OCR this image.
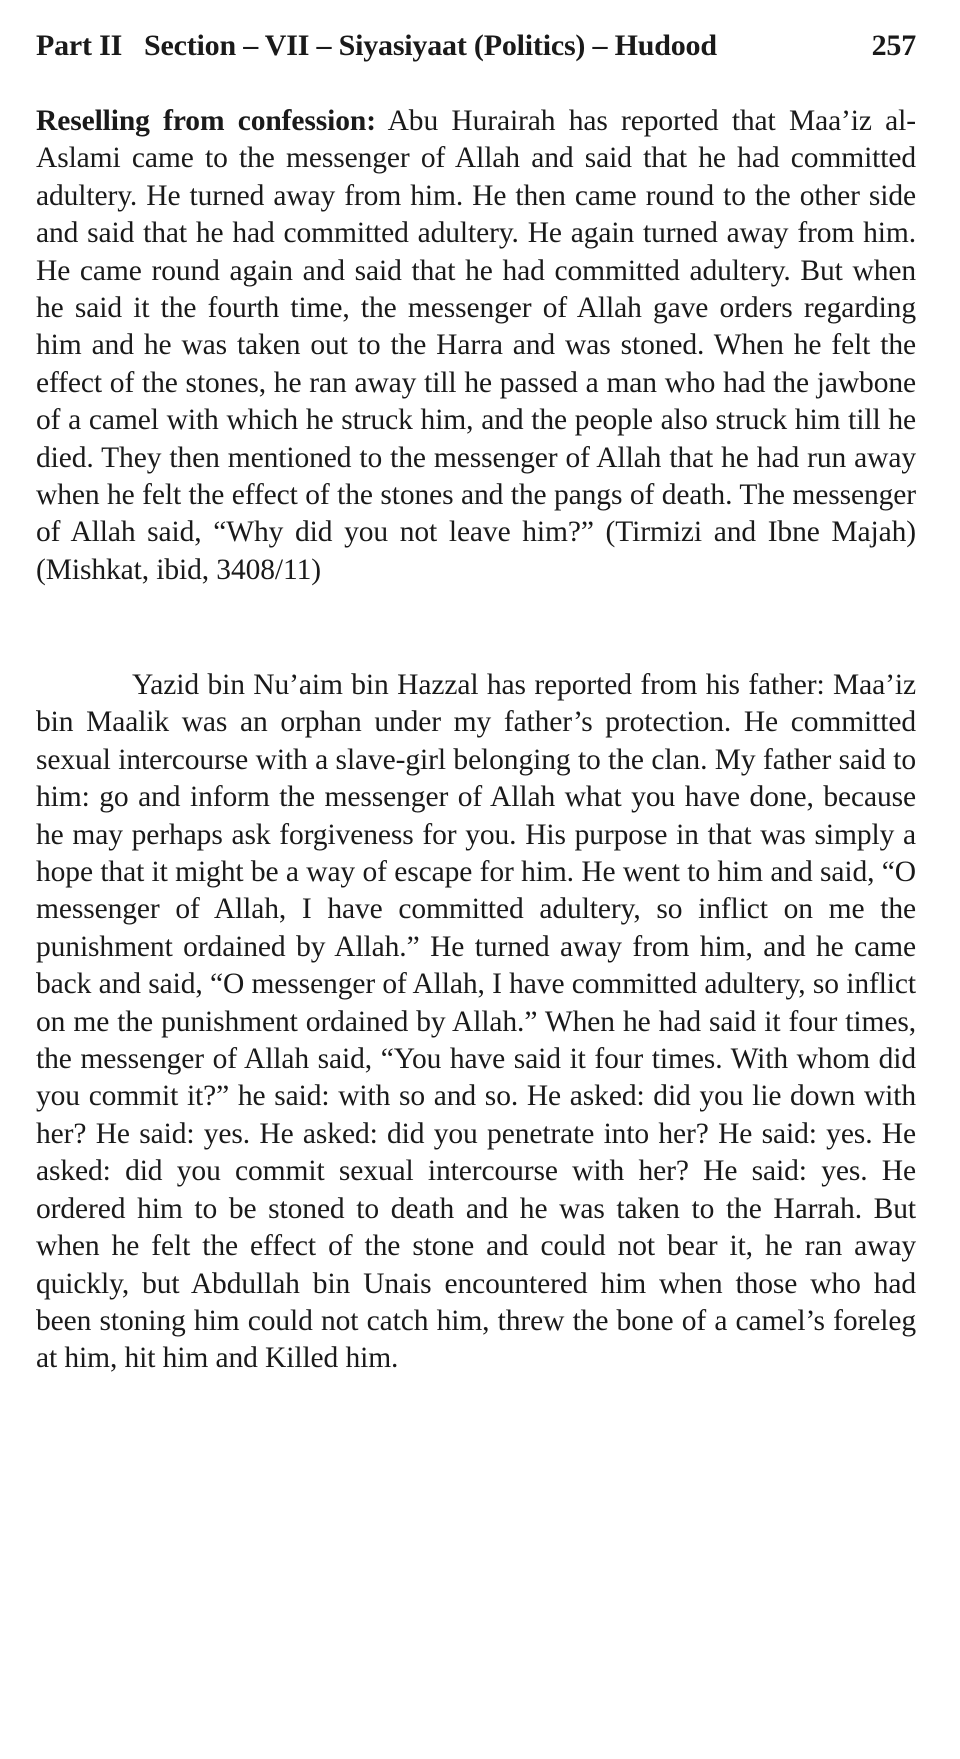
Part II Section – VII – Siyasiyaat (Politics) – Hudood	257

Reselling from confession: Abu Hurairah has reported that Maa’iz al-Aslami came to the messenger of Allah and said that he had committed adultery. He turned away from him. He then came round to the other side and said that he had committed adultery. He again turned away from him. He came round again and said that he had committed adultery. But when he said it the fourth time, the messenger of Allah gave orders regarding him and he was taken out to the Harra and was stoned. When he felt the effect of the stones, he ran away till he passed a man who had the jawbone of a camel with which he struck him, and the people also struck him till he died. They then mentioned to the messenger of Allah that he had run away when he felt the effect of the stones and the pangs of death. The messenger of Allah said, “Why did you not leave him?” (Tirmizi and Ibne Majah) (Mishkat, ibid, 3408/11)

Yazid bin Nu’aim bin Hazzal has reported from his father: Maa’iz bin Maalik was an orphan under my father’s protection. He committed sexual intercourse with a slave-girl belonging to the clan. My father said to him: go and inform the messenger of Allah what you have done, because he may perhaps ask forgiveness for you. His purpose in that was simply a hope that it might be a way of escape for him. He went to him and said, “O messenger of Allah, I have committed adultery, so inflict on me the punishment ordained by Allah.” He turned away from him, and he came back and said, “O messenger of Allah, I have committed adultery, so inflict on me the punishment ordained by Allah.” When he had said it four times, the messenger of Allah said, “You have said it four times. With whom did you commit it?” he said: with so and so. He asked: did you lie down with her? He said: yes. He asked: did you penetrate into her? He said: yes. He asked: did you commit sexual intercourse with her? He said: yes. He ordered him to be stoned to death and he was taken to the Harrah. But when he felt the effect of the stone and could not bear it, he ran away quickly, but Abdullah bin Unais encountered him when those who had been stoning him could not catch him, threw the bone of a camel’s foreleg at him, hit him and Killed him.
